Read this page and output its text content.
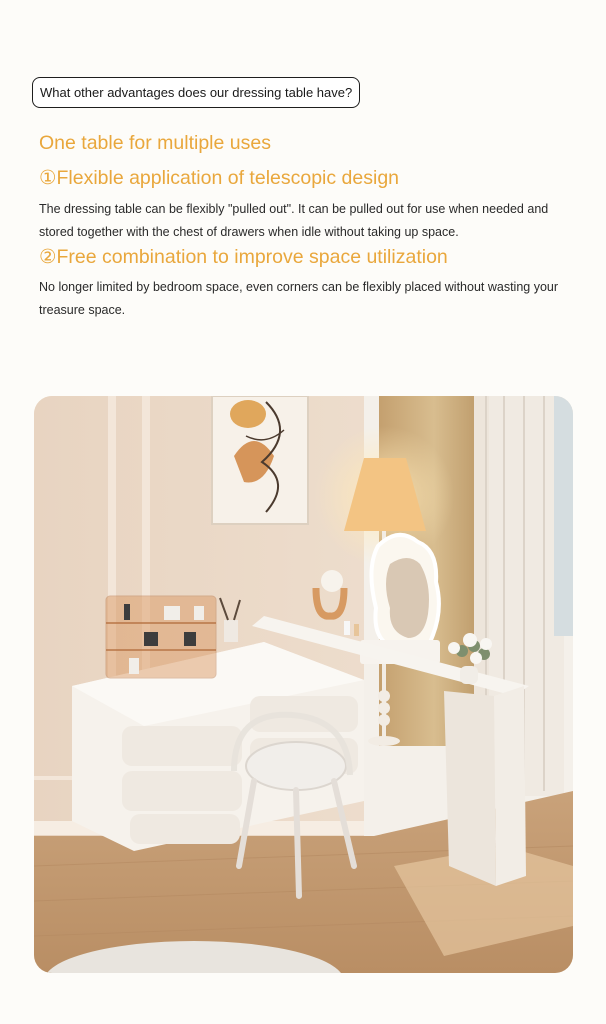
What other advantages does our dressing table have?
One table for multiple uses
①Flexible application of telescopic design

The dressing table can be flexibly "pulled out". It can be pulled out for use when needed and stored together with the chest of drawers when idle without taking up space.

②Free combination to improve space utilization

No longer limited by bedroom space, even corners can be flexibly placed without wasting your treasure space.
